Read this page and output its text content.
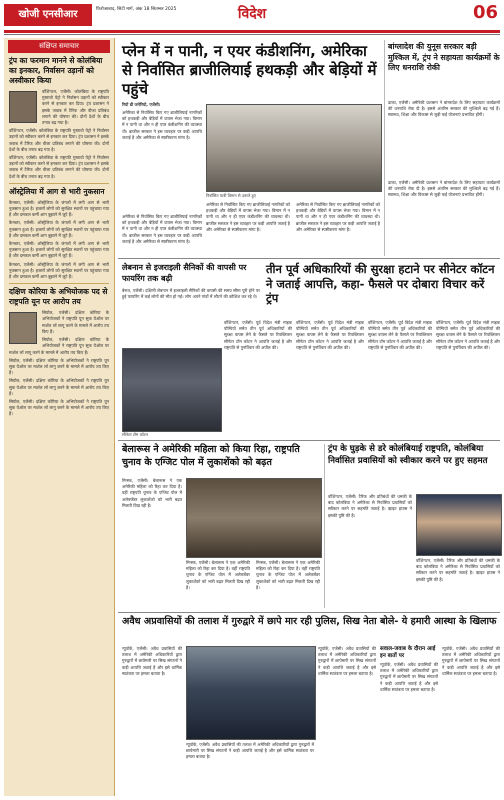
खोजी एनसीआर	फिरोजाबाद, सिटी मार्ग, अंक 18 सितम्बर 2025	विदेश	06
संक्षिप्त समाचार
ट्रंप का फरमान मानने से कोलंबिया का इनकार, निर्वासन उड़ानों को अस्वीकार किया
वॉशिंगटन, एजेंसी। कोलंबिया के राष्ट्रपति गुस्तावो पेट्रो ने निर्वासन उड़ानों को स्वीकार करने से इनकार कर दिया। ट्रंप प्रशासन ने इसके जवाब में टैरिफ और वीजा प्रतिबंध लगाने की घोषणा की। दोनों देशों के बीच तनाव बढ़ गया है।
वॉशिंगटन, एजेंसी। कोलंबिया के राष्ट्रपति गुस्तावो पेट्रो ने निर्वासन उड़ानों को स्वीकार करने से इनकार कर दिया। ट्रंप प्रशासन ने इसके जवाब में टैरिफ और वीजा प्रतिबंध लगाने की घोषणा की। दोनों देशों के बीच तनाव बढ़ गया है।
वॉशिंगटन, एजेंसी। कोलंबिया के राष्ट्रपति गुस्तावो पेट्रो ने निर्वासन उड़ानों को स्वीकार करने से इनकार कर दिया। ट्रंप प्रशासन ने इसके जवाब में टैरिफ और वीजा प्रतिबंध लगाने की घोषणा की। दोनों देशों के बीच तनाव बढ़ गया है।
ऑस्ट्रेलिया में आग से भारी नुकसान
कैनबरा, एजेंसी। ऑस्ट्रेलिया के जंगलों में लगी आग से भारी नुकसान हुआ है। हजारों लोगों को सुरक्षित स्थानों पर पहुंचाया गया है और दमकल कर्मी आग बुझाने में जुटे हैं।
कैनबरा, एजेंसी। ऑस्ट्रेलिया के जंगलों में लगी आग से भारी नुकसान हुआ है। हजारों लोगों को सुरक्षित स्थानों पर पहुंचाया गया है और दमकल कर्मी आग बुझाने में जुटे हैं।
कैनबरा, एजेंसी। ऑस्ट्रेलिया के जंगलों में लगी आग से भारी नुकसान हुआ है। हजारों लोगों को सुरक्षित स्थानों पर पहुंचाया गया है और दमकल कर्मी आग बुझाने में जुटे हैं।
कैनबरा, एजेंसी। ऑस्ट्रेलिया के जंगलों में लगी आग से भारी नुकसान हुआ है। हजारों लोगों को सुरक्षित स्थानों पर पहुंचाया गया है और दमकल कर्मी आग बुझाने में जुटे हैं।
दक्षिण कोरिया के अभियोजक पद से राष्ट्रपति यून पर आरोप तय
सियोल, एजेंसी। दक्षिण कोरिया के अभियोजकों ने राष्ट्रपति यून सुक येओल पर मार्शल लॉ लागू करने के मामले में आरोप तय किए हैं।
सियोल, एजेंसी। दक्षिण कोरिया के अभियोजकों ने राष्ट्रपति यून सुक येओल पर मार्शल लॉ लागू करने के मामले में आरोप तय किए हैं।
सियोल, एजेंसी। दक्षिण कोरिया के अभियोजकों ने राष्ट्रपति यून सुक येओल पर मार्शल लॉ लागू करने के मामले में आरोप तय किए हैं।
सियोल, एजेंसी। दक्षिण कोरिया के अभियोजकों ने राष्ट्रपति यून सुक येओल पर मार्शल लॉ लागू करने के मामले में आरोप तय किए हैं।
सियोल, एजेंसी। दक्षिण कोरिया के अभियोजकों ने राष्ट्रपति यून सुक येओल पर मार्शल लॉ लागू करने के मामले में आरोप तय किए हैं।
प्लेन में न पानी, न एयर कंडीशनिंग, अमेरिका से निर्वासित ब्राजीलियाई हथकड़ी और बेड़ियों में पहुंचे
रियो डी जनेरियो, एजेंसी।
अमेरिका से निर्वासित किए गए ब्राजीलियाई नागरिकों को हथकड़ी और बेड़ियों में वापस भेजा गया। विमान में न पानी था और न ही एयर कंडीशनिंग की व्यवस्था थी। ब्राजील सरकार ने इस व्यवहार पर कड़ी आपत्ति जताई है और अमेरिका से स्पष्टीकरण मांगा है।
निर्वासित यात्री विमान से उतरते हुए
अमेरिका से निर्वासित किए गए ब्राजीलियाई नागरिकों को हथकड़ी और बेड़ियों में वापस भेजा गया। विमान में न पानी था और न ही एयर कंडीशनिंग की व्यवस्था थी। ब्राजील सरकार ने इस व्यवहार पर कड़ी आपत्ति जताई है और अमेरिका से स्पष्टीकरण मांगा है।
अमेरिका से निर्वासित किए गए ब्राजीलियाई नागरिकों को हथकड़ी और बेड़ियों में वापस भेजा गया। विमान में न पानी था और न ही एयर कंडीशनिंग की व्यवस्था थी। ब्राजील सरकार ने इस व्यवहार पर कड़ी आपत्ति जताई है और अमेरिका से स्पष्टीकरण मांगा है।
अमेरिका से निर्वासित किए गए ब्राजीलियाई नागरिकों को हथकड़ी और बेड़ियों में वापस भेजा गया। विमान में न पानी था और न ही एयर कंडीशनिंग की व्यवस्था थी। ब्राजील सरकार ने इस व्यवहार पर कड़ी आपत्ति जताई है और अमेरिका से स्पष्टीकरण मांगा है।
बांग्लादेश की युनूस सरकार बड़ी मुश्किल में, ट्रंप ने सहायता कार्यक्रमों के लिए धनराशि रोकी
ढाका, एजेंसी। अमेरिकी प्रशासन ने बांग्लादेश के लिए सहायता कार्यक्रमों की धनराशि रोक दी है। इससे अंतरिम सरकार की मुश्किलें बढ़ गई हैं। स्वास्थ्य, शिक्षा और विकास से जुड़ी कई योजनाएं प्रभावित होंगी।
ढाका, एजेंसी। अमेरिकी प्रशासन ने बांग्लादेश के लिए सहायता कार्यक्रमों की धनराशि रोक दी है। इससे अंतरिम सरकार की मुश्किलें बढ़ गई हैं। स्वास्थ्य, शिक्षा और विकास से जुड़ी कई योजनाएं प्रभावित होंगी।
लेबनान से इजराइली सैनिकों की वापसी पर फायरिंग तक बढ़ी
बेरूत, एजेंसी। दक्षिणी लेबनान में इजराइली सैनिकों की वापसी की समय सीमा पूरी होने पर हुई फायरिंग में कई लोगों की मौत हो गई। लोग अपने गांवों में लौटने की कोशिश कर रहे थे।
तीन पूर्व अधिकारियों की सुरक्षा हटाने पर सीनेटर कॉटन ने जताई आपत्ति, कहा- फैसले पर दोबारा विचार करें ट्रंप
सीनेटर टॉम कॉटन
वॉशिंगटन, एजेंसी। पूर्व विदेश मंत्री माइक पोम्पियो समेत तीन पूर्व अधिकारियों की सुरक्षा वापस लेने के फैसले पर रिपब्लिकन सीनेटर टॉम कॉटन ने आपत्ति जताई है और राष्ट्रपति से पुनर्विचार की अपील की।
वॉशिंगटन, एजेंसी। पूर्व विदेश मंत्री माइक पोम्पियो समेत तीन पूर्व अधिकारियों की सुरक्षा वापस लेने के फैसले पर रिपब्लिकन सीनेटर टॉम कॉटन ने आपत्ति जताई है और राष्ट्रपति से पुनर्विचार की अपील की।
वॉशिंगटन, एजेंसी। पूर्व विदेश मंत्री माइक पोम्पियो समेत तीन पूर्व अधिकारियों की सुरक्षा वापस लेने के फैसले पर रिपब्लिकन सीनेटर टॉम कॉटन ने आपत्ति जताई है और राष्ट्रपति से पुनर्विचार की अपील की।
वॉशिंगटन, एजेंसी। पूर्व विदेश मंत्री माइक पोम्पियो समेत तीन पूर्व अधिकारियों की सुरक्षा वापस लेने के फैसले पर रिपब्लिकन सीनेटर टॉम कॉटन ने आपत्ति जताई है और राष्ट्रपति से पुनर्विचार की अपील की।
बेलारूस ने अमेरिकी महिला को किया रिहा, राष्ट्रपति चुनाव के एग्जिट पोल में लुकाशेंको को बढ़त
मिन्स्क, एजेंसी। बेलारूस ने एक अमेरिकी महिला को रिहा कर दिया है। वहीं राष्ट्रपति चुनाव के एग्जिट पोल में अलेक्जेंडर लुकाशेंको को भारी बढ़त मिलती दिख रही है।
मिन्स्क, एजेंसी। बेलारूस ने एक अमेरिकी महिला को रिहा कर दिया है। वहीं राष्ट्रपति चुनाव के एग्जिट पोल में अलेक्जेंडर लुकाशेंको को भारी बढ़त मिलती दिख रही है।
मिन्स्क, एजेंसी। बेलारूस ने एक अमेरिकी महिला को रिहा कर दिया है। वहीं राष्ट्रपति चुनाव के एग्जिट पोल में अलेक्जेंडर लुकाशेंको को भारी बढ़त मिलती दिख रही है।
ट्रंप के घुड़के से डरे कोलंबियाई राष्ट्रपति, कोलंबिया निर्वासित प्रवासियों को स्वीकार करने पर हुए सहमत
वॉशिंगटन, एजेंसी। टैरिफ और प्रतिबंधों की धमकी के बाद कोलंबिया ने अमेरिका से निर्वासित प्रवासियों को स्वीकार करने पर सहमति जताई है। व्हाइट हाउस ने इसकी पुष्टि की है।
वॉशिंगटन, एजेंसी। टैरिफ और प्रतिबंधों की धमकी के बाद कोलंबिया ने अमेरिका से निर्वासित प्रवासियों को स्वीकार करने पर सहमति जताई है। व्हाइट हाउस ने इसकी पुष्टि की है।
अवैध अप्रवासियों की तलाश में गुरुद्वारे में छापे मार रही पुलिस, सिख नेता बोले- ये हमारी आस्था के खिलाफ
न्यूयॉर्क, एजेंसी। अवैध प्रवासियों की तलाश में अमेरिकी अधिकारियों द्वारा गुरुद्वारों में छापेमारी पर सिख संगठनों ने कड़ी आपत्ति जताई है और इसे धार्मिक स्वतंत्रता पर हमला बताया है।
न्यूयॉर्क, एजेंसी। अवैध प्रवासियों की तलाश में अमेरिकी अधिकारियों द्वारा गुरुद्वारों में छापेमारी पर सिख संगठनों ने कड़ी आपत्ति जताई है और इसे धार्मिक स्वतंत्रता पर हमला बताया है।
न्यूयॉर्क, एजेंसी। अवैध प्रवासियों की तलाश में अमेरिकी अधिकारियों द्वारा गुरुद्वारों में छापेमारी पर सिख संगठनों ने कड़ी आपत्ति जताई है और इसे धार्मिक स्वतंत्रता पर हमला बताया है।
सवाल-जवाब के दौरान आई इन बातों पर
न्यूयॉर्क, एजेंसी। अवैध प्रवासियों की तलाश में अमेरिकी अधिकारियों द्वारा गुरुद्वारों में छापेमारी पर सिख संगठनों ने कड़ी आपत्ति जताई है और इसे धार्मिक स्वतंत्रता पर हमला बताया है।
न्यूयॉर्क, एजेंसी। अवैध प्रवासियों की तलाश में अमेरिकी अधिकारियों द्वारा गुरुद्वारों में छापेमारी पर सिख संगठनों ने कड़ी आपत्ति जताई है और इसे धार्मिक स्वतंत्रता पर हमला बताया है।
